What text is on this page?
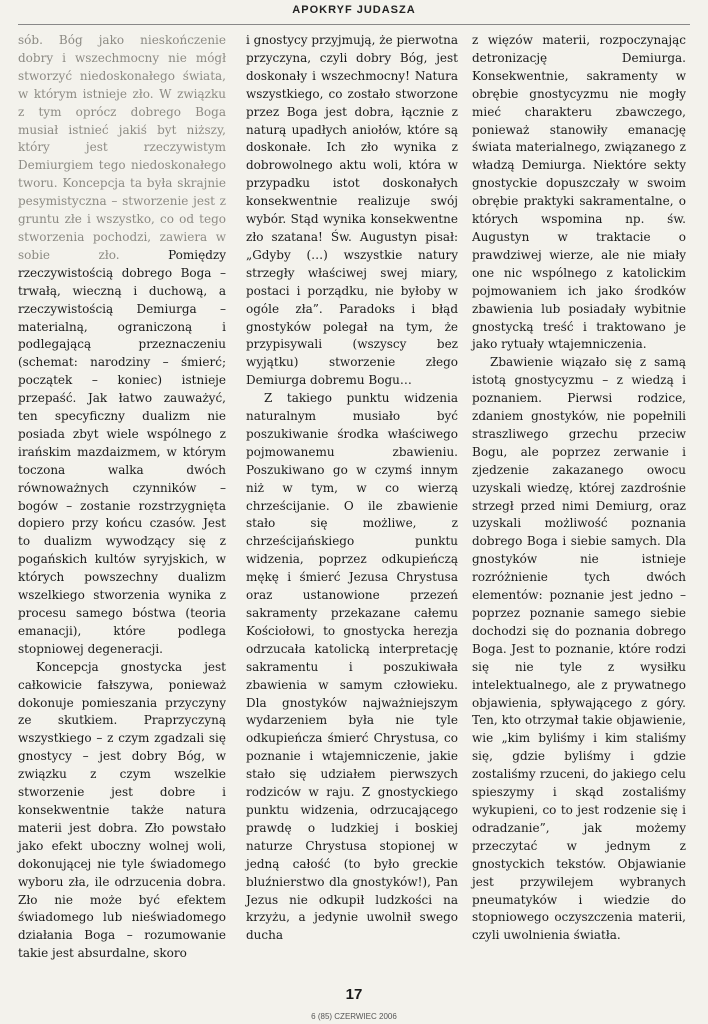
APOKRYF JUDASZA

sób. Bóg jako nieskończenie dobry i wszechmocny nie mógł stworzyć niedoskonałego świata, w którym istnieje zło. W związku z tym oprócz dobrego Boga musiał istnieć jakiś byt niższy, który jest rzeczywistym Demiurgiem tego niedoskonałego tworu. Koncepcja ta była skrajnie pesymistyczna – stworzenie jest z gruntu złe i wszystko, co od tego stworzenia pochodzi, zawiera w sobie zło. Pomiędzy rzeczywistością dobrego Boga – trwałą, wieczną i duchową, a rzeczywistością Demiurga – materialną, ograniczoną i podlegającą przeznaczeniu (schemat: narodziny – śmierć; początek – koniec) istnieje przepaść. Jak łatwo zauważyć, ten specyficzny dualizm nie posiada zbyt wiele wspólnego z irańskim mazdaizmem, w którym toczona walka dwóch równoważnych czynników – bogów – zostanie rozstrzygnięta dopiero przy końcu czasów. Jest to dualizm wywodzący się z pogańskich kultów syryjskich, w których powszechny dualizm wszelkiego stworzenia wynika z procesu samego bóstwa (teoria emanacji), które podlega stopniowej degeneracji.

Koncepcja gnostycka jest całkowicie fałszywa, ponieważ dokonuje pomieszania przyczyny ze skutkiem. Praprzyczyną wszystkiego – z czym zgadzali się gnostycy – jest dobry Bóg, w związku z czym wszelkie stworzenie jest dobre i konsekwentnie także natura materii jest dobra. Zło powstało jako efekt uboczny wolnej woli, dokonującej nie tyle świadomego wyboru zła, ile odrzucenia dobra. Zło nie może być efektem świadomego lub nieświadomego działania Boga – rozumowanie takie jest absurdalne, skoro

i gnostycy przyjmują, że pierwotna przyczyna, czyli dobry Bóg, jest doskonały i wszechmocny! Natura wszystkiego, co zostało stworzone przez Boga jest dobra, łącznie z naturą upadłych aniołów, które są doskonałe. Ich zło wynika z dobrowolnego aktu woli, która w przypadku istot doskonałych konsekwentnie realizuje swój wybór. Stąd wynika konsekwentne zło szatana! Św. Augustyn pisał: „Gdyby (…) wszystkie natury strzegły właściwej swej miary, postaci i porządku, nie byłoby w ogóle zła”. Paradoks i błąd gnostyków polegał na tym, że przypisywali (wszyscy bez wyjątku) stworzenie złego Demiurga dobremu Bogu…

Z takiego punktu widzenia naturalnym musiało być poszukiwanie środka właściwego pojmowanemu zbawieniu. Poszukiwano go w czymś innym niż w tym, w co wierzą chrześcijanie. O ile zbawienie stało się możliwe, z chrześcijańskiego punktu widzenia, poprzez odkupieńczą mękę i śmierć Jezusa Chrystusa oraz ustanowione przezeń sakramenty przekazane całemu Kościołowi, to gnostycka herezja odrzucała katolicką interpretację sakramentu i poszukiwała zbawienia w samym człowieku. Dla gnostyków najważniejszym wydarzeniem była nie tyle odkupieńcza śmierć Chrystusa, co poznanie i wtajemniczenie, jakie stało się udziałem pierwszych rodziców w raju. Z gnostyckiego punktu widzenia, odrzucającego prawdę o ludzkiej i boskiej naturze Chrystusa stopionej w jedną całość (to było greckie bluźnierstwo dla gnostyków!), Pan Jezus nie odkupił ludzkości na krzyżu, a jedynie uwolnił swego ducha

z więzów materii, rozpoczynając detronizację Demiurga. Konsekwentnie, sakramenty w obrębie gnostycyzmu nie mogły mieć charakteru zbawczego, ponieważ stanowiły emanację świata materialnego, związanego z władzą Demiurga. Niektóre sekty gnostyckie dopuszczały w swoim obrębie praktyki sakramentalne, o których wspomina np. św. Augustyn w traktacie o prawdziwej wierze, ale nie miały one nic wspólnego z katolickim pojmowaniem ich jako środków zbawienia lub posiadały wybitnie gnostycką treść i traktowano je jako rytuały wtajemniczenia.

Zbawienie wiązało się z samą istotą gnostycyzmu – z wiedzą i poznaniem. Pierwsi rodzice, zdaniem gnostyków, nie popełnili straszliwego grzechu przeciw Bogu, ale poprzez zerwanie i zjedzenie zakazanego owocu uzyskali wiedzę, której zazdrośnie strzegł przed nimi Demiurg, oraz uzyskali możliwość poznania dobrego Boga i siebie samych. Dla gnostyków nie istnieje rozróżnienie tych dwóch elementów: poznanie jest jedno – poprzez poznanie samego siebie dochodzi się do poznania dobrego Boga. Jest to poznanie, które rodzi się nie tyle z wysiłku intelektualnego, ale z prywatnego objawienia, spływającego z góry. Ten, kto otrzymał takie objawienie, wie „kim byliśmy i kim staliśmy się, gdzie byliśmy i gdzie zostaliśmy rzuceni, do jakiego celu spieszymy i skąd zostaliśmy wykupieni, co to jest rodzenie się i odradzanie”, jak możemy przeczytać w jednym z gnostyckich tekstów. Objawianie jest przywilejem wybranych pneumatyków i wiedzie do stopniowego oczyszczenia materii, czyli uwolnienia światła.

17
6 (85) CZERWIEC 2006
